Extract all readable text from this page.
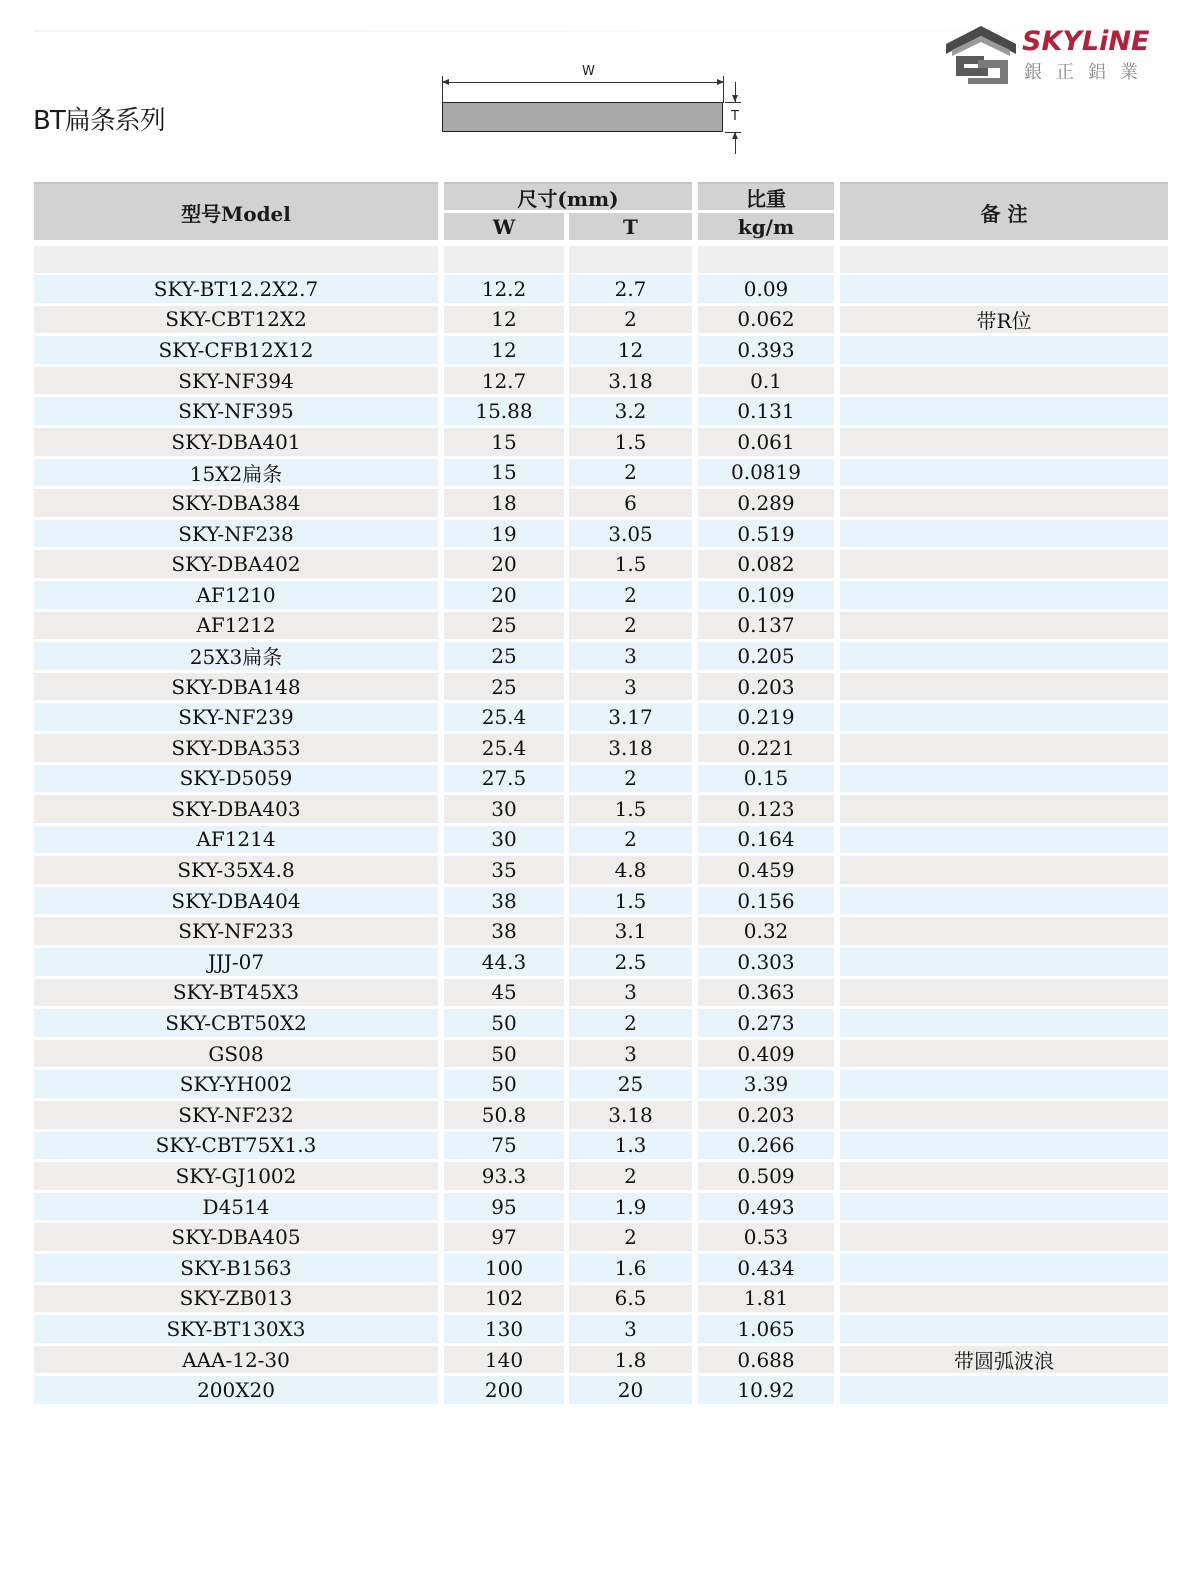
BT扁条系列
W
T
SKYLiNE
銀正鋁業
型号Model
尺寸(mm)
W	T
比重
kg/m
备 注
SKY-BT12.2X2.7	12.2	2.7	0.09
SKY-CBT12X2	12	2	0.062	带R位
SKY-CFB12X12	12	12	0.393
SKY-NF394	12.7	3.18	0.1
SKY-NF395	15.88	3.2	0.131
SKY-DBA401	15	1.5	0.061
15X2扁条	15	2	0.0819
SKY-DBA384	18	6	0.289
SKY-NF238	19	3.05	0.519
SKY-DBA402	20	1.5	0.082
AF1210	20	2	0.109
AF1212	25	2	0.137
25X3扁条	25	3	0.205
SKY-DBA148	25	3	0.203
SKY-NF239	25.4	3.17	0.219
SKY-DBA353	25.4	3.18	0.221
SKY-D5059	27.5	2	0.15
SKY-DBA403	30	1.5	0.123
AF1214	30	2	0.164
SKY-35X4.8	35	4.8	0.459
SKY-DBA404	38	1.5	0.156
SKY-NF233	38	3.1	0.32
JJJ-07	44.3	2.5	0.303
SKY-BT45X3	45	3	0.363
SKY-CBT50X2	50	2	0.273
GS08	50	3	0.409
SKY-YH002	50	25	3.39
SKY-NF232	50.8	3.18	0.203
SKY-CBT75X1.3	75	1.3	0.266
SKY-GJ1002	93.3	2	0.509
D4514	95	1.9	0.493
SKY-DBA405	97	2	0.53
SKY-B1563	100	1.6	0.434
SKY-ZB013	102	6.5	1.81
SKY-BT130X3	130	3	1.065
AAA-12-30	140	1.8	0.688	带圆弧波浪
200X20	200	20	10.92
